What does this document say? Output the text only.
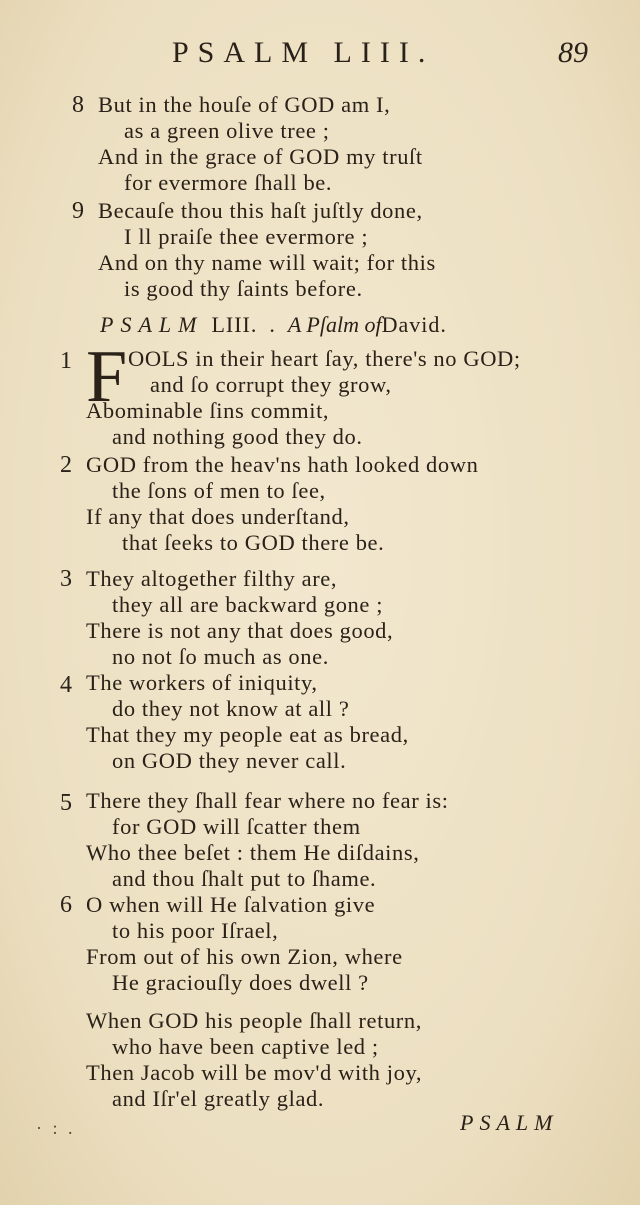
PSALM LIII.	89
8 But in the houſe of GOD am I,
as a green olive tree ;
And in the grace of GOD my truſt
for evermore ſhall be.
9 Becauſe thou this haſt juſtly done,
I ll praiſe thee evermore ;
And on thy name will wait; for this
is good thy ſaints before.
PSALM LIII. . A Pſalm ofDavid.
1 F OOLS in their heart ſay, there's no GOD;
and ſo corrupt they grow,
Abominable ſins commit,
and nothing good they do.
2 GOD from the heav'ns hath looked down
the ſons of men to ſee,
If any that does underſtand,
that ſeeks to GOD there be.
3 They altogether filthy are,
they all are backward gone ;
There is not any that does good,
no not ſo much as one.
4 The workers of iniquity,
do they not know at all ?
That they my people eat as bread,
on GOD they never call.
5 There they ſhall fear where no fear is:
for GOD will ſcatter them
Who thee beſet : them He diſdains,
and thou ſhalt put to ſhame.
6 O when will He ſalvation give
to his poor Iſrael,
From out of his own Zion, where
He graciouſly does dwell ?
When GOD his people ſhall return,
who have been captive led ;
Then Jacob will be mov'd with joy,
and Iſr'el greatly glad.
PSALM
· : .
